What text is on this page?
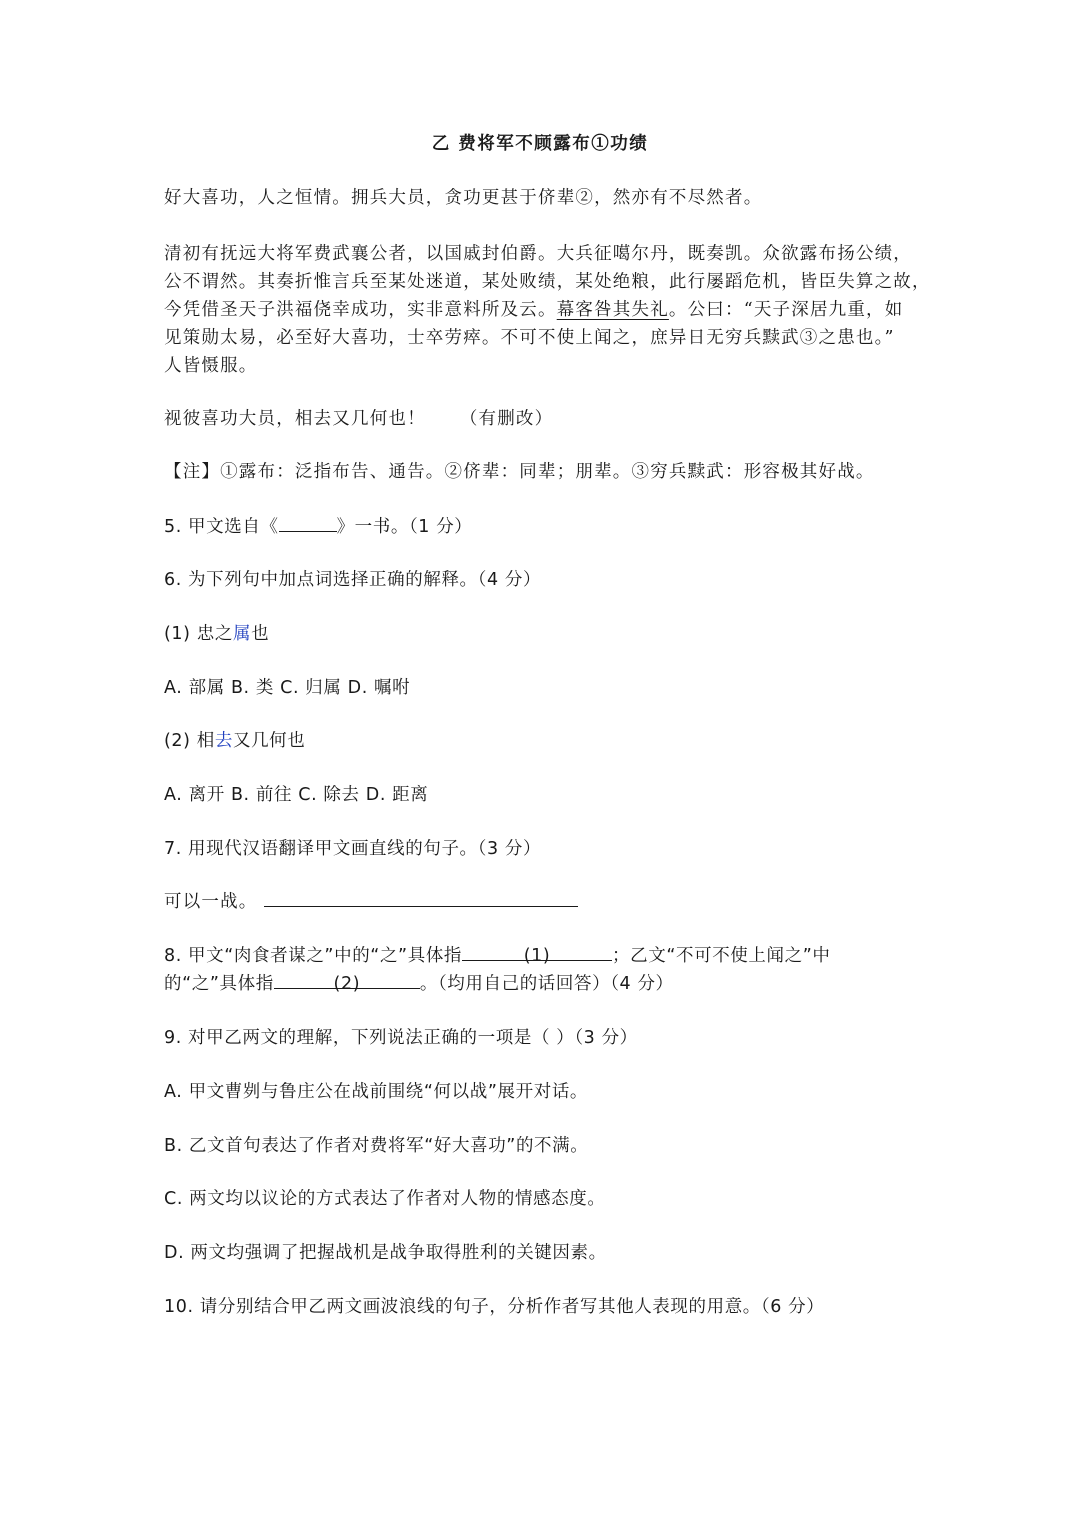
乙 费将军不顾露布①功绩
好大喜功，人之恒情。拥兵大员，贪功更甚于侪辈②，然亦有不尽然者。
清初有抚远大将军费武襄公者，以国戚封伯爵。大兵征噶尔丹，既奏凯。众欲露布扬公绩，
公不谓然。其奏折惟言兵至某处迷道，某处败绩，某处绝粮，此行屡蹈危机，皆臣失算之故，
今凭借圣天子洪福侥幸成功，实非意料所及云。幕客咎其失礼。公曰：“天子深居九重，如
见策勋太易，必至好大喜功，士卒劳瘁。不可不使上闻之，庶异日无穷兵黩武③之患也。”
人皆慑服。
视彼喜功大员，相去又几何也！ （有删改）
【注】①露布：泛指布告、通告。②侪辈：同辈；朋辈。③穷兵黩武：形容极其好战。
5. 甲文选自《	》一书。（1 分）
6. 为下列句中加点词选择正确的解释。（4 分）
(1) 忠之属也
A. 部属 B. 类 C. 归属 D. 嘱咐
(2) 相去又几何也
A. 离开 B. 前往 C. 除去 D. 距离
7. 用现代汉语翻译甲文画直线的句子。（3 分）
可以一战。
8. 甲文“肉食者谋之”中的“之”具体指	(1)	；乙文“不可不使上闻之”中
的“之”具体指	(2)	。（均用自己的话回答）（4 分）
9. 对甲乙两文的理解，下列说法正确的一项是（ ）（3 分）
A. 甲文曹刿与鲁庄公在战前围绕“何以战”展开对话。
B. 乙文首句表达了作者对费将军“好大喜功”的不满。
C. 两文均以议论的方式表达了作者对人物的情感态度。
D. 两文均强调了把握战机是战争取得胜利的关键因素。
10. 请分别结合甲乙两文画波浪线的句子，分析作者写其他人表现的用意。（6 分）
